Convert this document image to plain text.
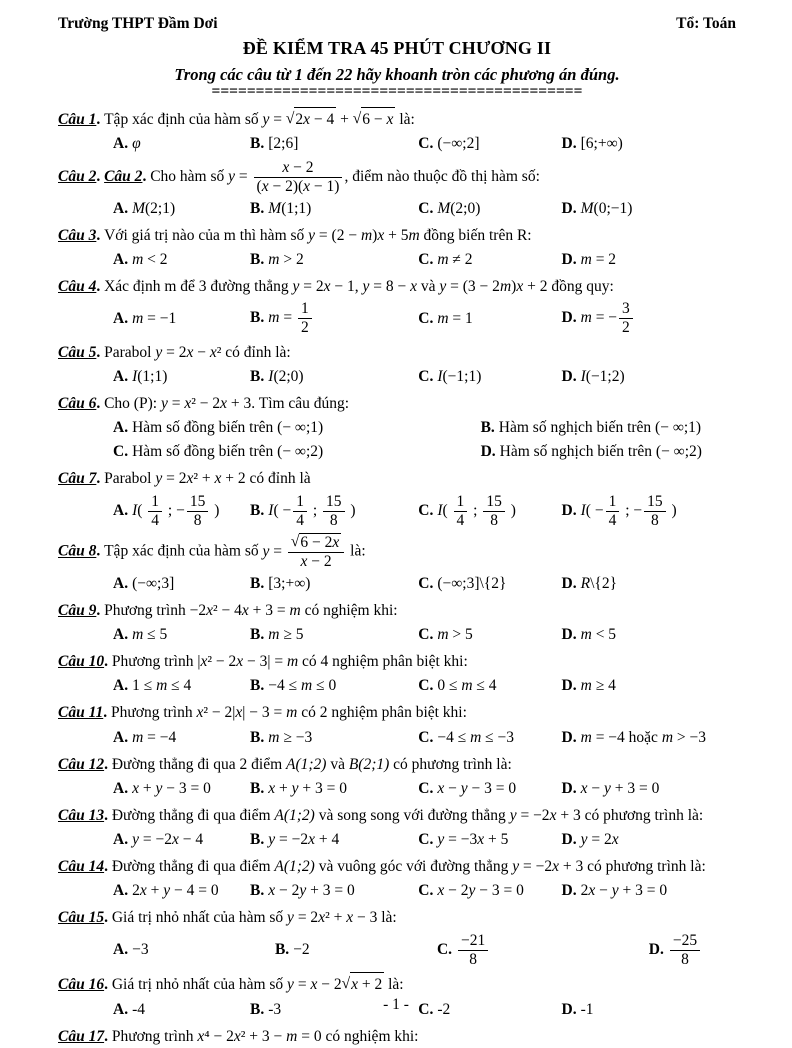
Trường THPT Đầm Dơi	Tổ: Toán
ĐỀ KIỂM TRA 45 PHÚT CHƯƠNG II
Trong các câu từ 1 đến 22 hãy khoanh tròn các phương án đúng.
==========================================
Câu 1. Tập xác định của hàm số y = √2x − 4 + √6 − x là:
A. φ	B. [2;6]	C. (−∞;2]	D. [6;+∞)
Câu 2. Câu 2. Cho hàm số $y = \frac{x - 2}{(x - 2)(x - 1)}$ , điểm nào thuộc đồ thị hàm số:
A. M(2;1)	B. M(1;1)	C. M(2;0)	D. M(0;−1)
Câu 3. Với giá trị nào của m thì hàm số y = (2 − m)x + 5m đồng biến trên R:
A. m < 2	B. m > 2	C. m ≠ 2	D. m = 2
Câu 4. Xác định m để 3 đường thẳng y = 2x − 1, y = 8 − x và y = (3 − 2m)x + 2 đồng quy:
A. m = −1	B. $m = \frac{1}{2}$	C. m = 1	D. m = − $\frac{3}{2}$
Câu 5. Parabol y = 2x − x² có đỉnh là:
A. I(1;1)	B. I(2;0)	C. I(−1;1)	D. I(−1;2)
Câu 6. Cho (P): y = x² − 2x + 3. Tìm câu đúng:
A. Hàm số đồng biến trên (− ∞;1)	B. Hàm số nghịch biến trên (− ∞;1)
C. Hàm số đồng biến trên (− ∞;2)	D. Hàm số nghịch biến trên (− ∞;2)
Câu 7. Parabol y = 2x² + x + 2 có đỉnh là
A. $I( \frac{1}{4}$ ; − $\frac{15}{8}$ )	B. $I( - \frac{1}{4}$ ; $\frac{15}{8}$ )	C. $I( \frac{1}{4}$ ; $\frac{15}{8}$ )	D. $I( - \frac{1}{4}$ ; − $\frac{15}{8}$ )
Câu 8. Tập xác định của hàm số $y = \frac{√6 - 2x}{x - 2}$ là:
A. (−∞;3]	B. [3;+∞)	C. (−∞;3]\{2}	D. R\{2}
Câu 9. Phương trình −2x² − 4x + 3 = m có nghiệm khi:
A. m ≤ 5	B. m ≥ 5	C. m > 5	D. m < 5
Câu 10. Phương trình |x² − 2x − 3| = m có 4 nghiệm phân biệt khi:
A. 1 ≤ m ≤ 4	B. −4 ≤ m ≤ 0	C. 0 ≤ m ≤ 4	D. m ≥ 4
Câu 11. Phương trình x² − 2|x| − 3 = m có 2 nghiệm phân biệt khi:
A. m = −4	B. m ≥ −3	C. −4 ≤ m ≤ −3	D. m = −4 hoặc m > −3
Câu 12. Đường thẳng đi qua 2 điểm A(1;2) và B(2;1) có phương trình là:
A. x + y − 3 = 0	B. x + y + 3 = 0	C. x − y − 3 = 0	D. x − y + 3 = 0
Câu 13. Đường thẳng đi qua điểm A(1;2) và song song với đường thẳng y = −2x + 3 có phương trình là:
A. y = −2x − 4	B. y = −2x + 4	C. y = −3x + 5	D. y = 2x
Câu 14. Đường thẳng đi qua điểm A(1;2) và vuông góc với đường thẳng y = −2x + 3 có phương trình là:
A. 2x + y − 4 = 0	B. x − 2y + 3 = 0	C. x − 2y − 3 = 0	D. 2x − y + 3 = 0
Câu 15. Giá trị nhỏ nhất của hàm số y = 2x² + x − 3 là:
A. −3	B. −2	C. $\frac{-21}{8}$	D. $\frac{-25}{8}$
Câu 16. Giá trị nhỏ nhất của hàm số y = x − 2√x + 2 là:
A. -4	B. -3	C. -2	D. -1
Câu 17. Phương trình x⁴ − 2x² + 3 − m = 0 có nghiệm khi:
- 1 -
